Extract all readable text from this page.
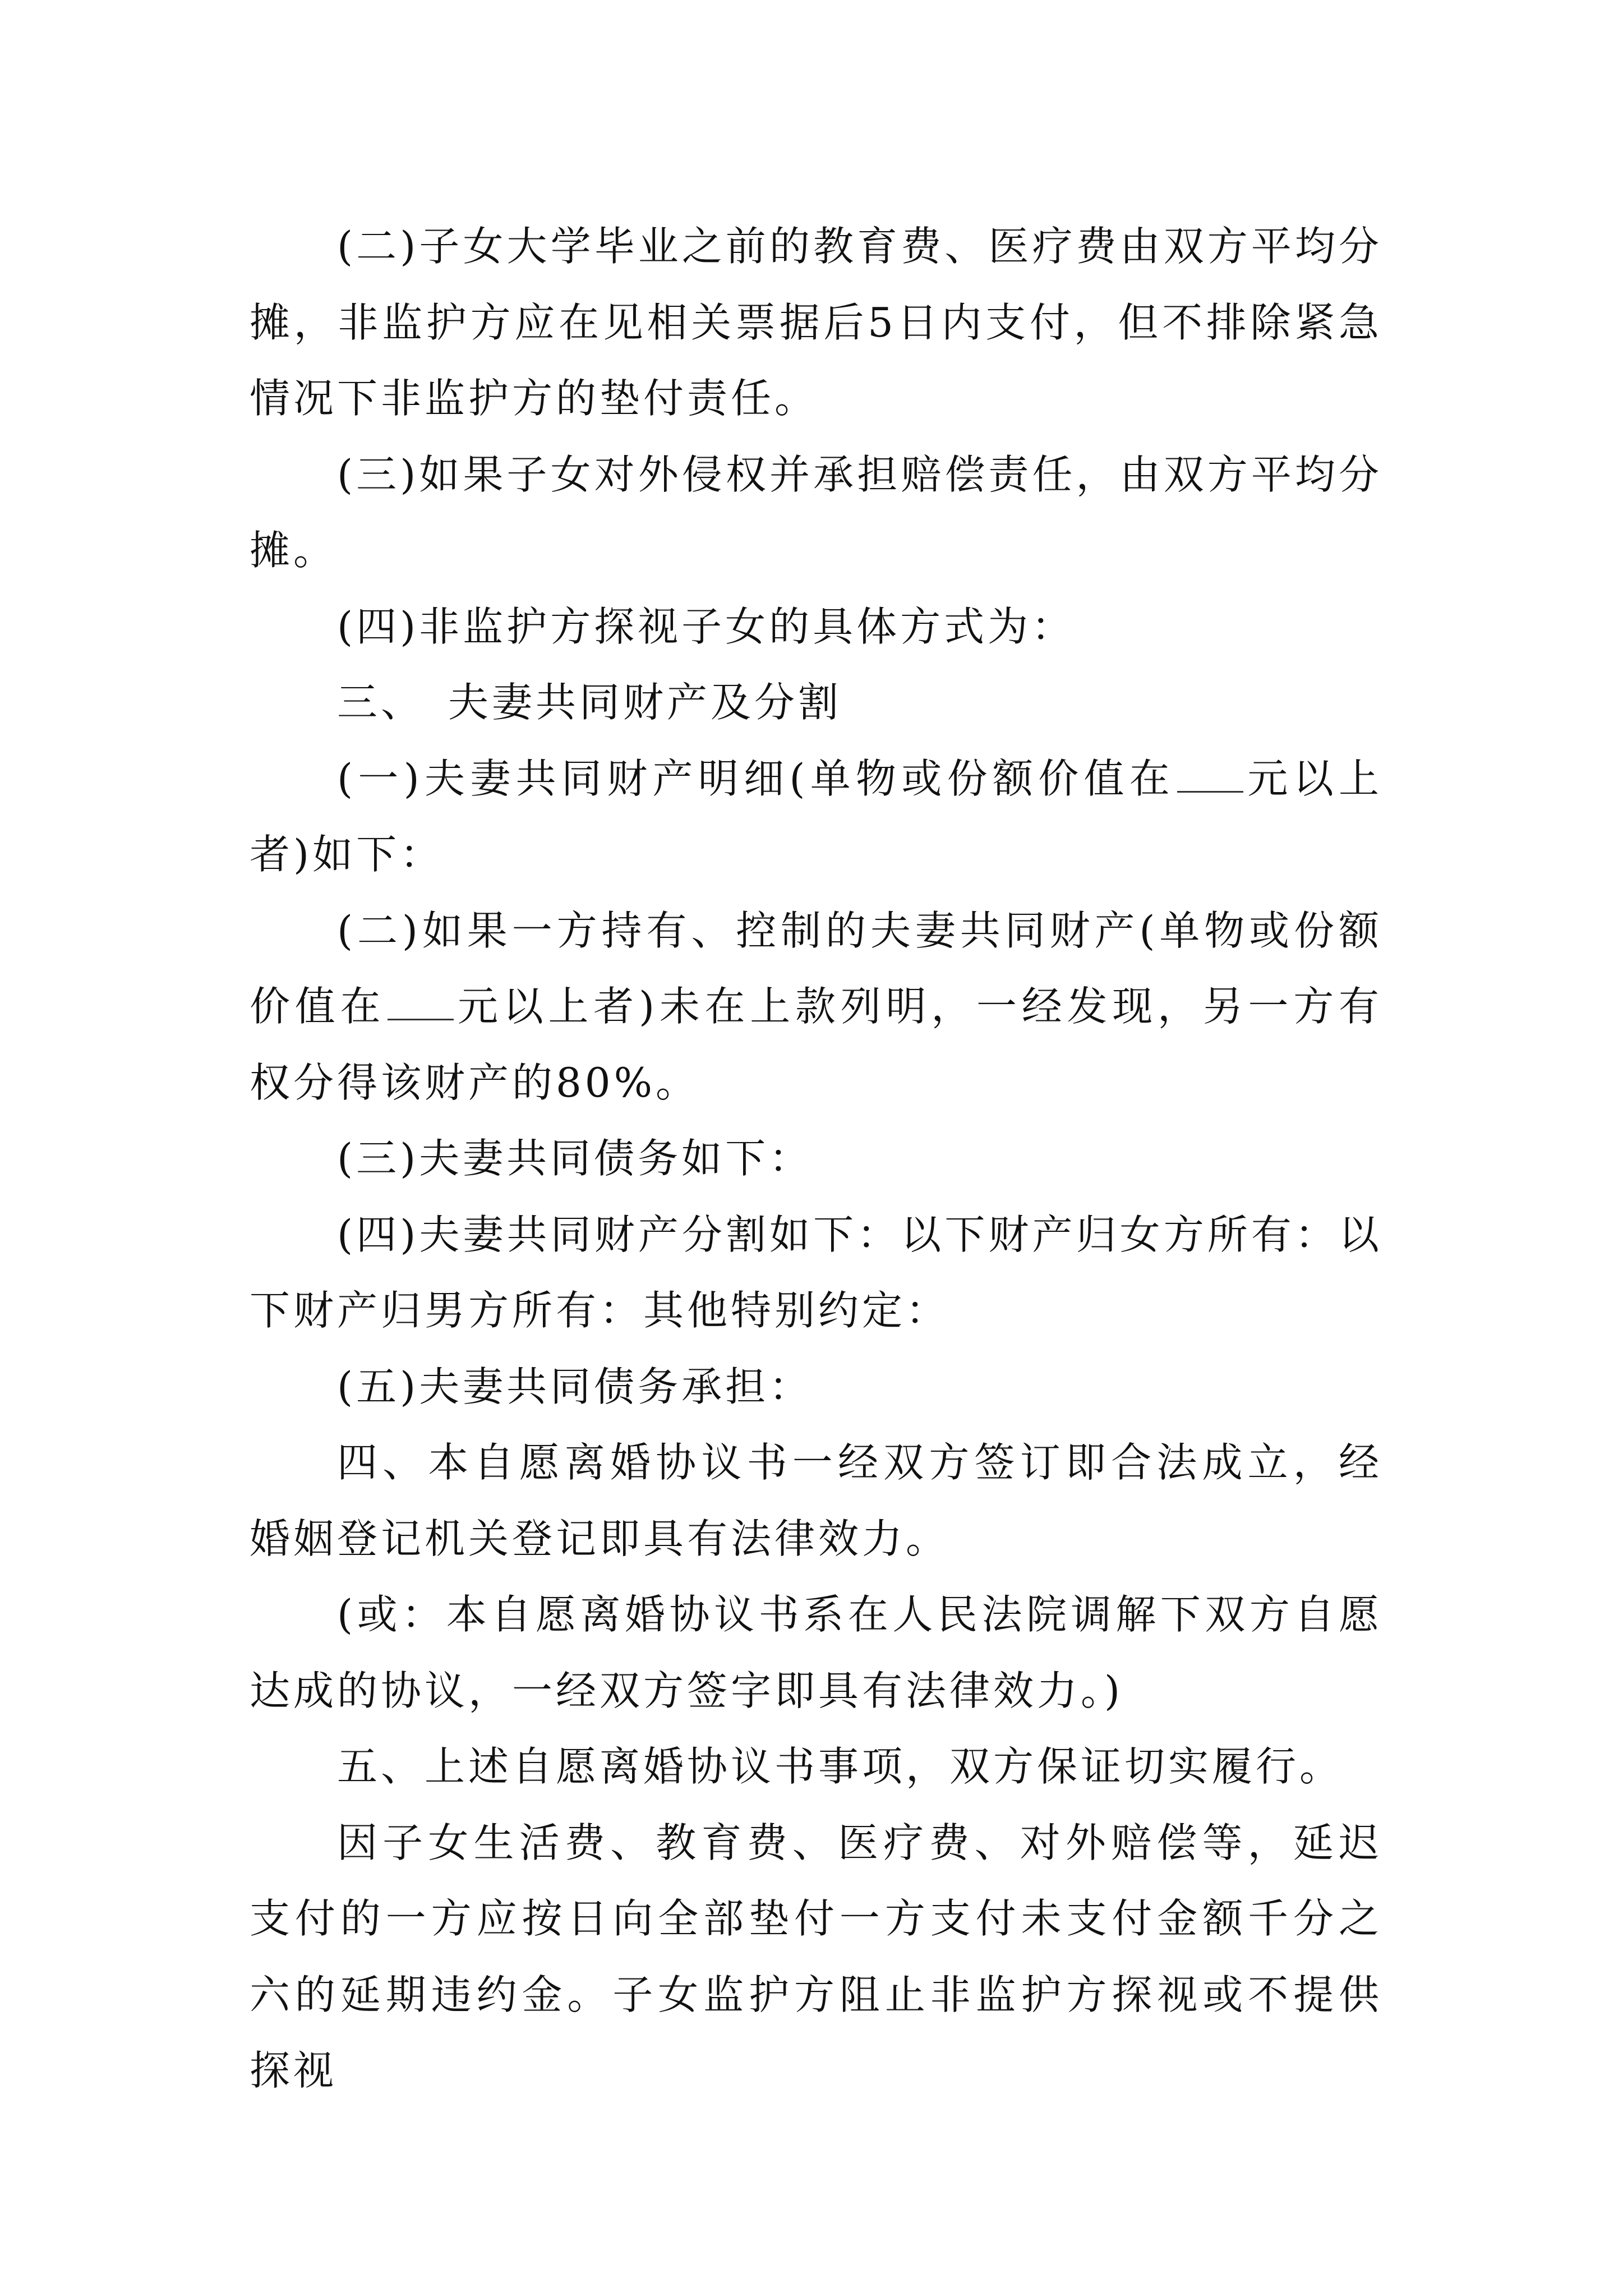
(二)子女大学毕业之前的教育费、医疗费由双方平均分摊，非监护方应在见相关票据后5日内支付，但不排除紧急情况下非监护方的垫付责任。

(三)如果子女对外侵权并承担赔偿责任，由双方平均分摊。

(四)非监护方探视子女的具体方式为：

三、　夫妻共同财产及分割

(一)夫妻共同财产明细(单物或份额价值在 元以上者)如下：

(二)如果一方持有、控制的夫妻共同财产(单物或份额价值在 元以上者)未在上款列明，一经发现，另一方有权分得该财产的80%。

(三)夫妻共同债务如下：

(四)夫妻共同财产分割如下：以下财产归女方所有：以下财产归男方所有：其他特别约定：

(五)夫妻共同债务承担：

四、本自愿离婚协议书一经双方签订即合法成立，经婚姻登记机关登记即具有法律效力。

(或：本自愿离婚协议书系在人民法院调解下双方自愿达成的协议，一经双方签字即具有法律效力。)

五、上述自愿离婚协议书事项，双方保证切实履行。

因子女生活费、教育费、医疗费、对外赔偿等，延迟支付的一方应按日向全部垫付一方支付未支付金额千分之六的延期违约金。子女监护方阻止非监护方探视或不提供探视
